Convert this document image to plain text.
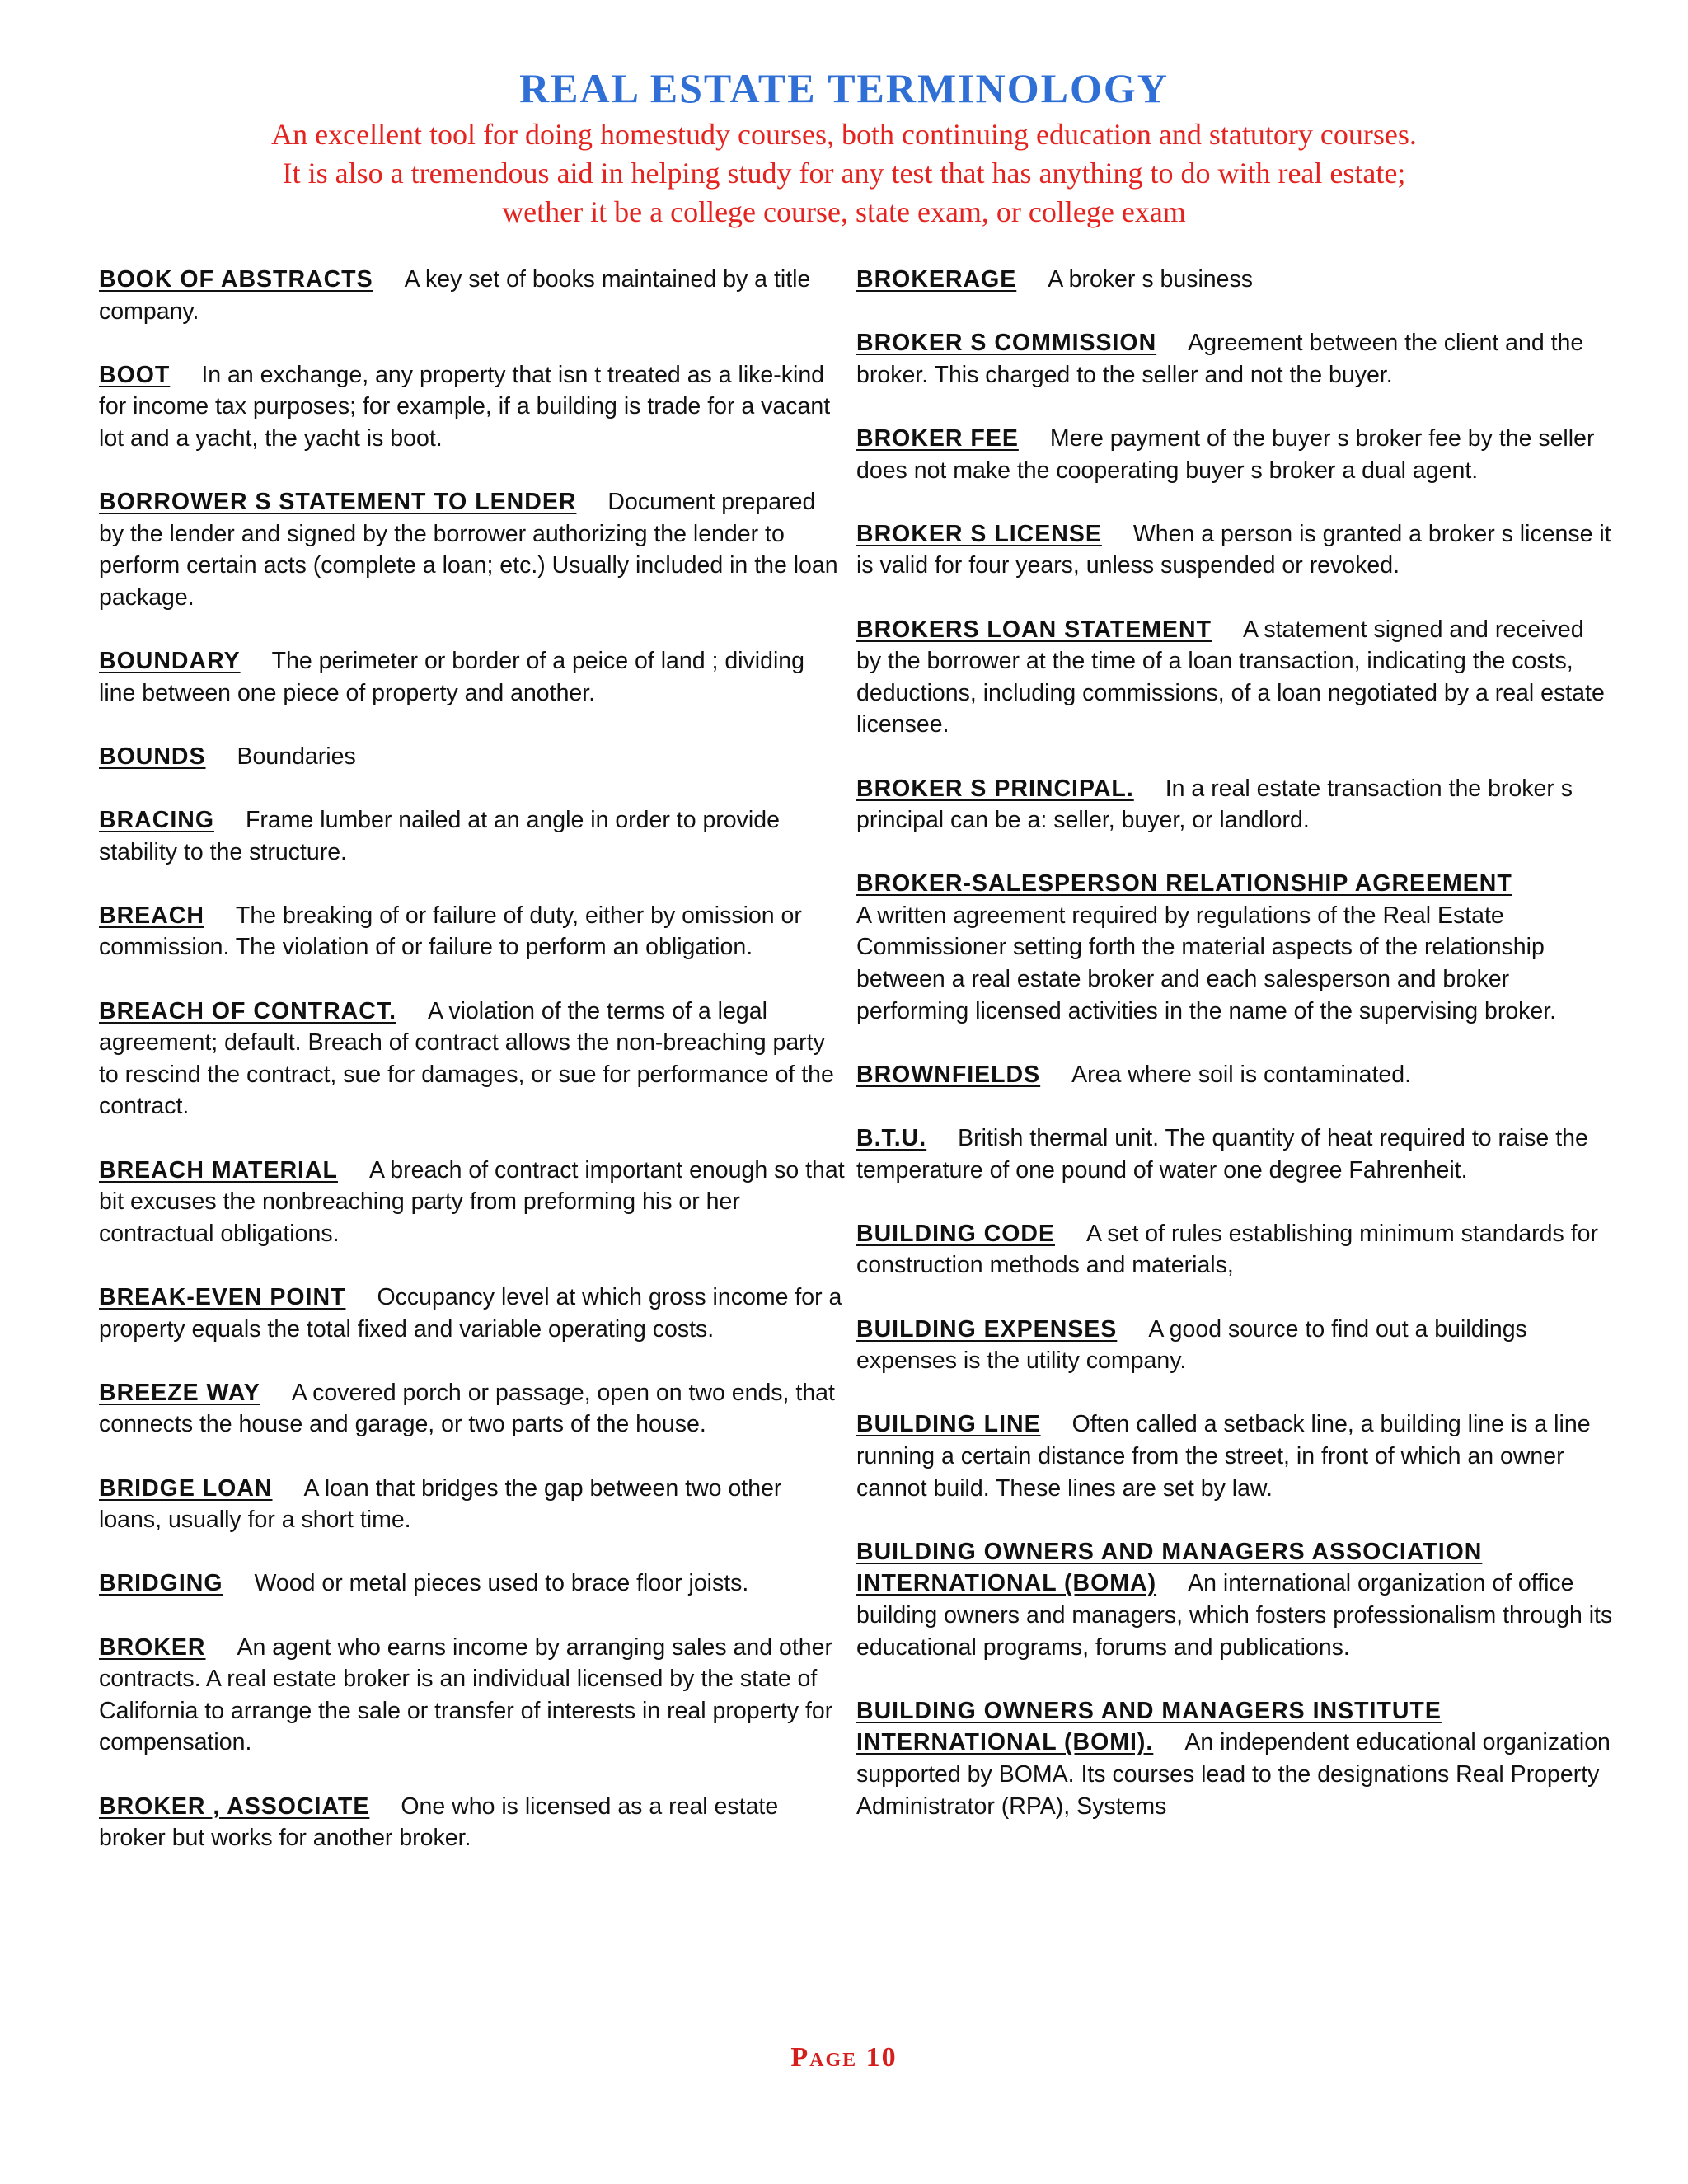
REAL ESTATE TERMINOLOGY
An excellent tool for doing homestudy courses, both continuing education and statutory courses.
It is also a tremendous aid in helping study for any test that has anything to do with real estate;
wether it be a college course, state exam, or college exam

BOOK OF ABSTRACTS A key set of books maintained by a title company.

BOOT In an exchange, any property that isn t treated as a like-kind for income tax purposes; for example, if a building is trade for a vacant lot and a yacht, the yacht is boot.

BORROWER S STATEMENT TO LENDER Document prepared by the lender and signed by the borrower authorizing the lender to perform certain acts (complete a loan; etc.) Usually included in the loan package.

BOUNDARY The perimeter or border of a peice of land ; dividing line between one piece of property and another.

BOUNDS Boundaries

BRACING Frame lumber nailed at an angle in order to provide stability to the structure.

BREACH The breaking of or failure of duty, either by omission or commission. The violation of or failure to perform an obligation.

BREACH OF CONTRACT. A violation of the terms of a legal agreement; default. Breach of contract allows the non-breaching party to rescind the contract, sue for damages, or sue for performance of the contract.

BREACH MATERIAL A breach of contract important enough so that bit excuses the nonbreaching party from preforming his or her contractual obligations.

BREAK-EVEN POINT Occupancy level at which gross income for a property equals the total fixed and variable operating costs.

BREEZE WAY A covered porch or passage, open on two ends, that connects the house and garage, or two parts of the house.

BRIDGE LOAN A loan that bridges the gap between two other loans, usually for a short time.

BRIDGING Wood or metal pieces used to brace floor joists.

BROKER An agent who earns income by arranging sales and other contracts. A real estate broker is an individual licensed by the state of California to arrange the sale or transfer of interests in real property for compensation.

BROKER , ASSOCIATE One who is licensed as a real estate broker but works for another broker.

BROKERAGE A broker s business

BROKER S COMMISSION Agreement between the client and the broker. This charged to the seller and not the buyer.

BROKER FEE Mere payment of the buyer s broker fee by the seller does not make the cooperating buyer s broker a dual agent.

BROKER S LICENSE When a person is granted a broker s license it is valid for four years, unless suspended or revoked.

BROKERS LOAN STATEMENT A statement signed and received by the borrower at the time of a loan transaction, indicating the costs, deductions, including commissions, of a loan negotiated by a real estate licensee.

BROKER S PRINCIPAL. In a real estate transaction the broker s principal can be a: seller, buyer, or landlord.

BROKER-SALESPERSON RELATIONSHIP AGREEMENT
A written agreement required by regulations of the Real Estate Commissioner setting forth the material aspects of the relationship between a real estate broker and each salesperson and broker performing licensed activities in the name of the supervising broker.

BROWNFIELDS Area where soil is contaminated.

B.T.U. British thermal unit. The quantity of heat required to raise the temperature of one pound of water one degree Fahrenheit.

BUILDING CODE A set of rules establishing minimum standards for construction methods and materials,

BUILDING EXPENSES A good source to find out a buildings expenses is the utility company.

BUILDING LINE Often called a setback line, a building line is a line running a certain distance from the street, in front of which an owner cannot build. These lines are set by law.

BUILDING OWNERS AND MANAGERS ASSOCIATION INTERNATIONAL (BOMA) An international organization of office building owners and managers, which fosters professionalism through its educational programs, forums and publications.

BUILDING OWNERS AND MANAGERS INSTITUTE INTERNATIONAL (BOMI). An independent educational organization supported by BOMA. Its courses lead to the designations Real Property Administrator (RPA), Systems

Page 10
